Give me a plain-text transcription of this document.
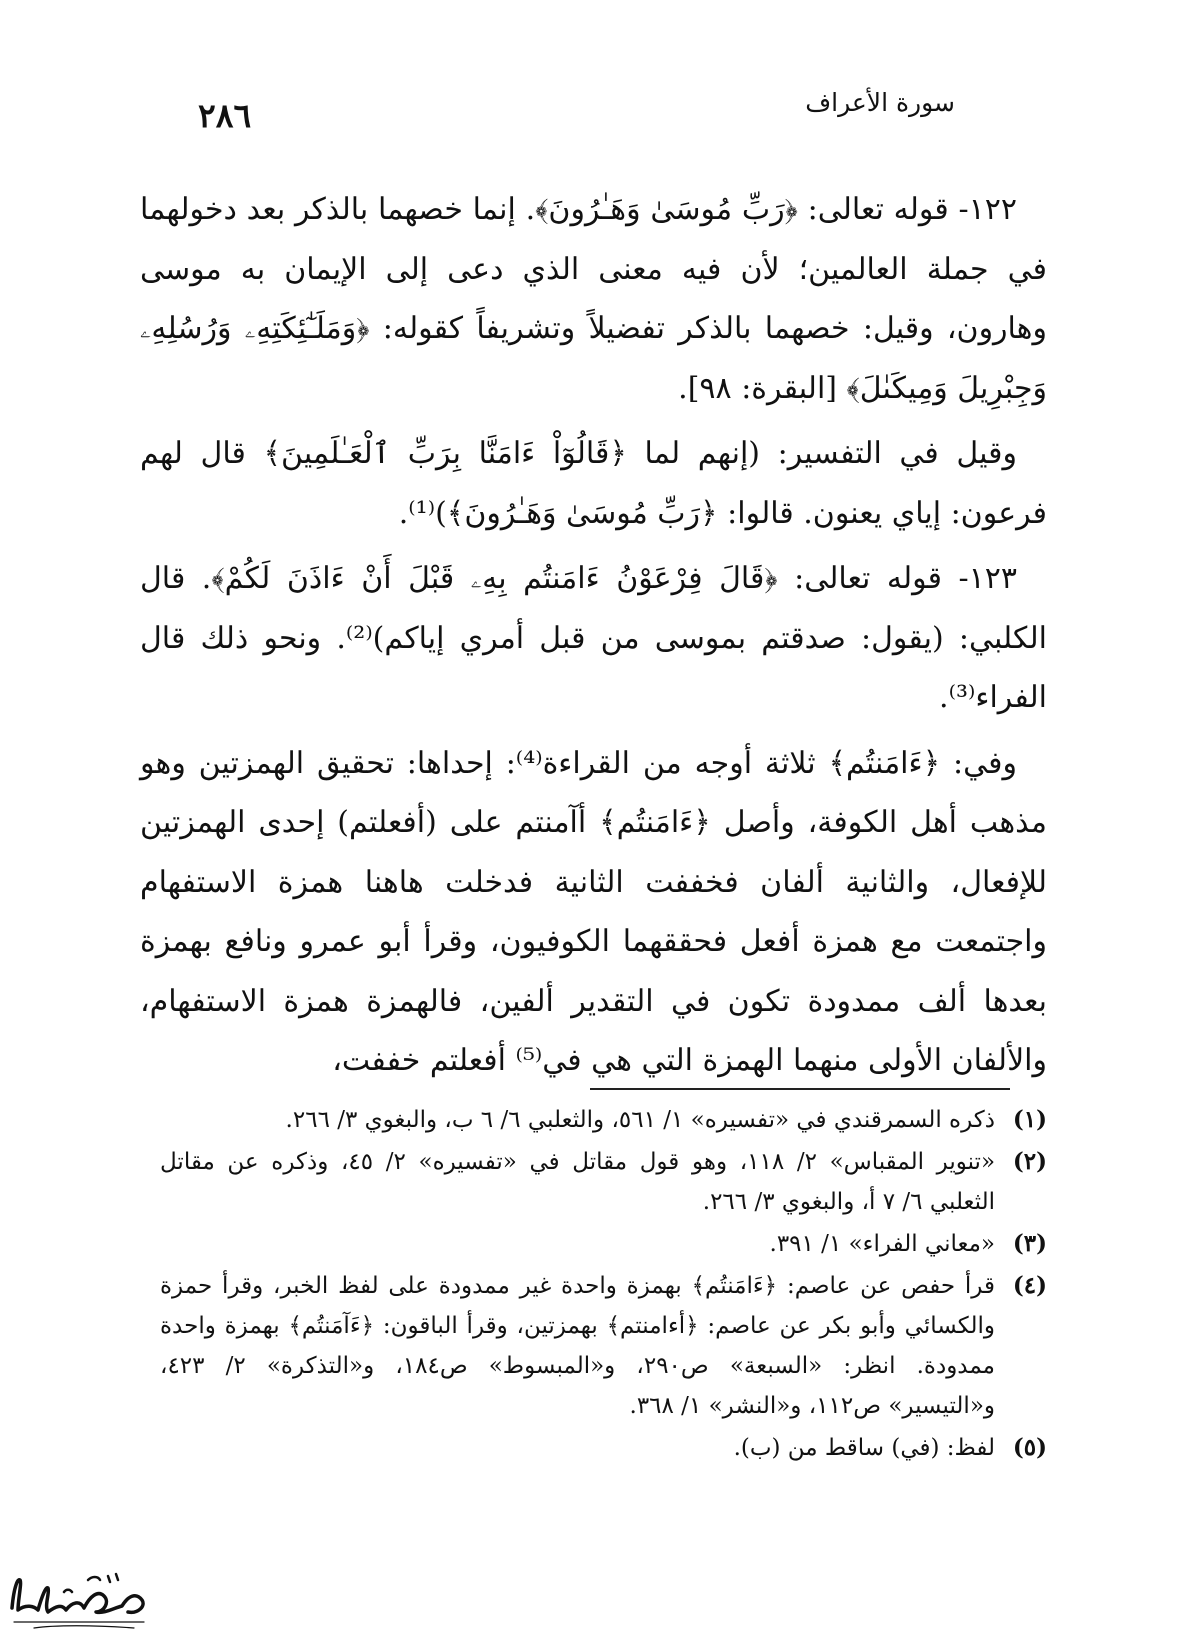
٢٨٦	سورة الأعراف

١٢٢- قوله تعالى: ﴿رَبِّ مُوسَىٰ وَهَـٰرُونَ﴾. إنما خصهما بالذكر بعد دخولهما في جملة العالمين؛ لأن فيه معنى الذي دعى إلى الإيمان به موسى وهارون، وقيل: خصهما بالذكر تفضيلاً وتشريفاً كقوله: ﴿وَمَلَـٰٓئِكَتِهِۦ وَرُسُلِهِۦ وَجِبْرِيلَ وَمِيكَىٰلَ﴾ [البقرة: ٩٨].

وقيل في التفسير: (إنهم لما ﴿قَالُوٓاْ ءَامَنَّا بِرَبِّ ٱلْعَـٰلَمِينَ﴾ قال لهم فرعون: إياي يعنون. قالوا: ﴿رَبِّ مُوسَىٰ وَهَـٰرُونَ﴾)⁽¹⁾.

١٢٣- قوله تعالى: ﴿قَالَ فِرْعَوْنُ ءَامَنتُم بِهِۦ قَبْلَ أَنْ ءَاذَنَ لَكُمْ﴾. قال الكلبي: (يقول: صدقتم بموسى من قبل أمري إياكم)⁽²⁾. ونحو ذلك قال الفراء⁽³⁾.

وفي: ﴿ءَامَنتُم﴾ ثلاثة أوجه من القراءة⁽⁴⁾: إحداها: تحقيق الهمزتين وهو مذهب أهل الكوفة، وأصل ﴿ءَامَنتُم﴾ أآمنتم على (أفعلتم) إحدى الهمزتين للإفعال، والثانية ألفان فخففت الثانية فدخلت هاهنا همزة الاستفهام واجتمعت مع همزة أفعل فحققهما الكوفيون، وقرأ أبو عمرو ونافع بهمزة بعدها ألف ممدودة تكون في التقدير ألفين، فالهمزة همزة الاستفهام، والألفان الأولى منهما الهمزة التي هي في⁽⁵⁾ أفعلتم خففت،

(١)
ذكره السمرقندي في «تفسيره» ١/ ٥٦١، والثعلبي ٦/ ٦ ب، والبغوي ٣/ ٢٦٦.
(٢)
«تنوير المقباس» ٢/ ١١٨، وهو قول مقاتل في «تفسيره» ٢/ ٤٥، وذكره عن مقاتل الثعلبي ٦/ ٧ أ، والبغوي ٣/ ٢٦٦.
(٣)
«معاني الفراء» ١/ ٣٩١.
(٤)
قرأ حفص عن عاصم: ﴿ءَامَنتُم﴾ بهمزة واحدة غير ممدودة على لفظ الخبر، وقرأ حمزة والكسائي وأبو بكر عن عاصم: ﴿أءامنتم﴾ بهمزتين، وقرأ الباقون: ﴿ءَآمَنتُم﴾ بهمزة واحدة ممدودة. انظر: «السبعة» ص٢٩٠، و«المبسوط» ص١٨٤، و«التذكرة» ٢/ ٤٢٣، و«التيسير» ص١١٢، و«النشر» ١/ ٣٦٨.
(٥)
لفظ: (في) ساقط من (ب).
